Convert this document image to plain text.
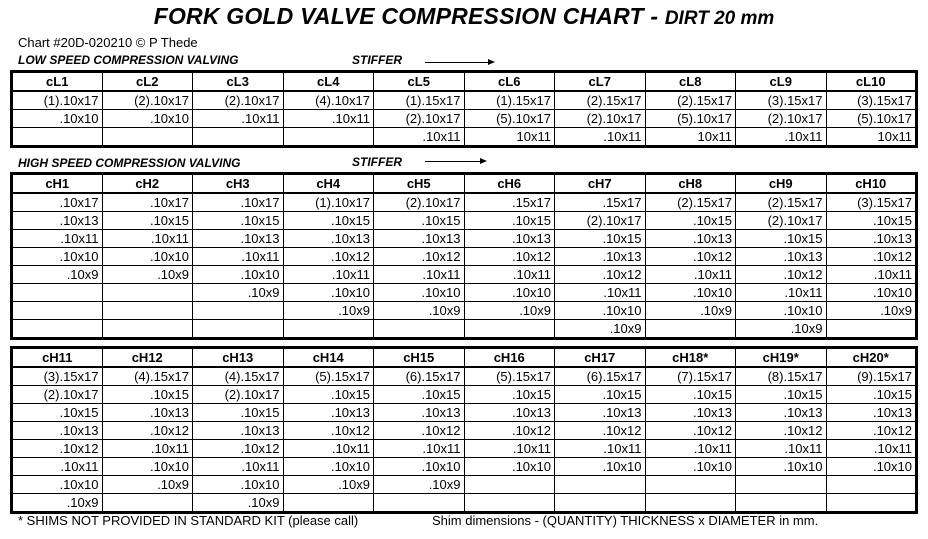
FORK GOLD VALVE COMPRESSION CHART - DIRT 20 mm
Chart #20D-020210 © P Thede
LOW SPEED COMPRESSION VALVING	STIFFER
cL1	cL2	cL3	cL4	cL5	cL6	cL7	cL8	cL9	cL10
(1).10x17	(2).10x17	(2).10x17	(4).10x17	(1).15x17	(1).15x17	(2).15x17	(2).15x17	(3).15x17	(3).15x17
.10x10	.10x10	.10x11	.10x11	(2).10x17	(5).10x17	(2).10x17	(5).10x17	(2).10x17	(5).10x17
				.10x11	10x11	.10x11	10x11	.10x11	10x11
HIGH SPEED COMPRESSION VALVING	STIFFER
cH1	cH2	cH3	cH4	cH5	cH6	cH7	cH8	cH9	cH10
.10x17	.10x17	.10x17	(1).10x17	(2).10x17	.15x17	.15x17	(2).15x17	(2).15x17	(3).15x17
.10x13	.10x15	.10x15	.10x15	.10x15	.10x15	(2).10x17	.10x15	(2).10x17	.10x15
.10x11	.10x11	.10x13	.10x13	.10x13	.10x13	.10x15	.10x13	.10x15	.10x13
.10x10	.10x10	.10x11	.10x12	.10x12	.10x12	.10x13	.10x12	.10x13	.10x12
.10x9	.10x9	.10x10	.10x11	.10x11	.10x11	.10x12	.10x11	.10x12	.10x11
		.10x9	.10x10	.10x10	.10x10	.10x11	.10x10	.10x11	.10x10
			.10x9	.10x9	.10x9	.10x10	.10x9	.10x10	.10x9
						.10x9		.10x9	
cH11	cH12	cH13	cH14	cH15	cH16	cH17	cH18*	cH19*	cH20*
(3).15x17	(4).15x17	(4).15x17	(5).15x17	(6).15x17	(5).15x17	(6).15x17	(7).15x17	(8).15x17	(9).15x17
(2).10x17	.10x15	(2).10x17	.10x15	.10x15	.10x15	.10x15	.10x15	.10x15	.10x15
.10x15	.10x13	.10x15	.10x13	.10x13	.10x13	.10x13	.10x13	.10x13	.10x13
.10x13	.10x12	.10x13	.10x12	.10x12	.10x12	.10x12	.10x12	.10x12	.10x12
.10x12	.10x11	.10x12	.10x11	.10x11	.10x11	.10x11	.10x11	.10x11	.10x11
.10x11	.10x10	.10x11	.10x10	.10x10	.10x10	.10x10	.10x10	.10x10	.10x10
.10x10	.10x9	.10x10	.10x9	.10x9					
.10x9		.10x9							
* SHIMS NOT PROVIDED IN STANDARD KIT (please call)	Shim dimensions - (QUANTITY) THICKNESS x DIAMETER in mm.
